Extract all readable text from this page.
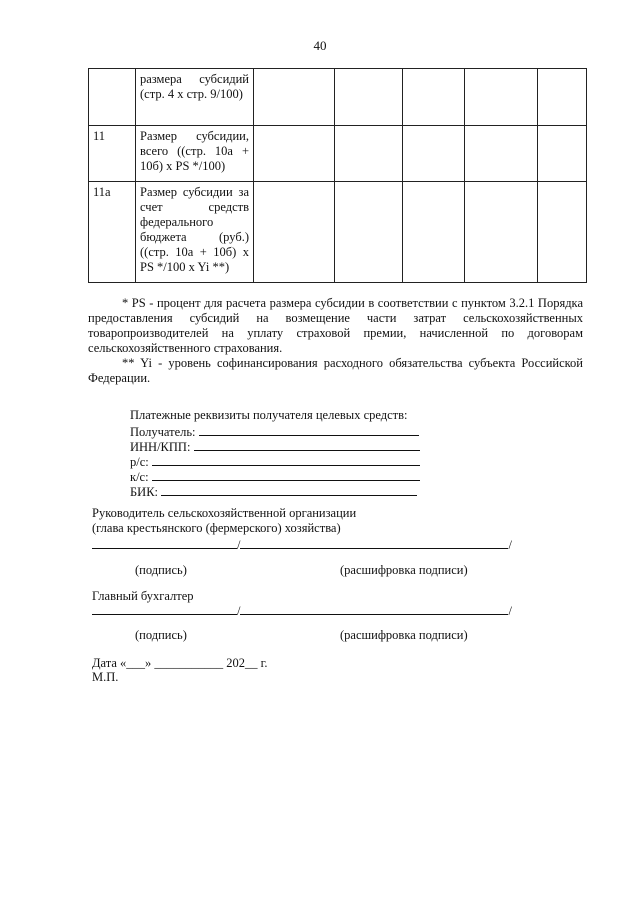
40
	размера субсидий (стр. 4 x стр. 9/100)					
11	Размер субсидии, всего ((стр. 10а + 10б) x PS */100)					
11а	Размер субсидии за счет средств федерального бюджета (руб.) ((стр. 10а + 10б) x PS */100 x Yi **)					
* PS - процент для расчета размера субсидии в соответствии с пунктом 3.2.1 Порядка предоставления субсидий на возмещение части затрат сельскохозяйственных товаропроизводителей на уплату страховой премии, начисленной по договорам сельскохозяйственного страхования.
** Yi - уровень софинансирования расходного обязательства субъекта Российской Федерации.
Платежные реквизиты получателя целевых средств:
Получатель:
ИНН/КПП:
р/с:
к/с:
БИК:
Руководитель сельскохозяйственной организации
(глава крестьянского (фермерского) хозяйства)
/	/
(подпись)	(расшифровка подписи)
Главный бухгалтер
/	/
(подпись)	(расшифровка подписи)
Дата «___» ___________ 202__ г.
М.П.
